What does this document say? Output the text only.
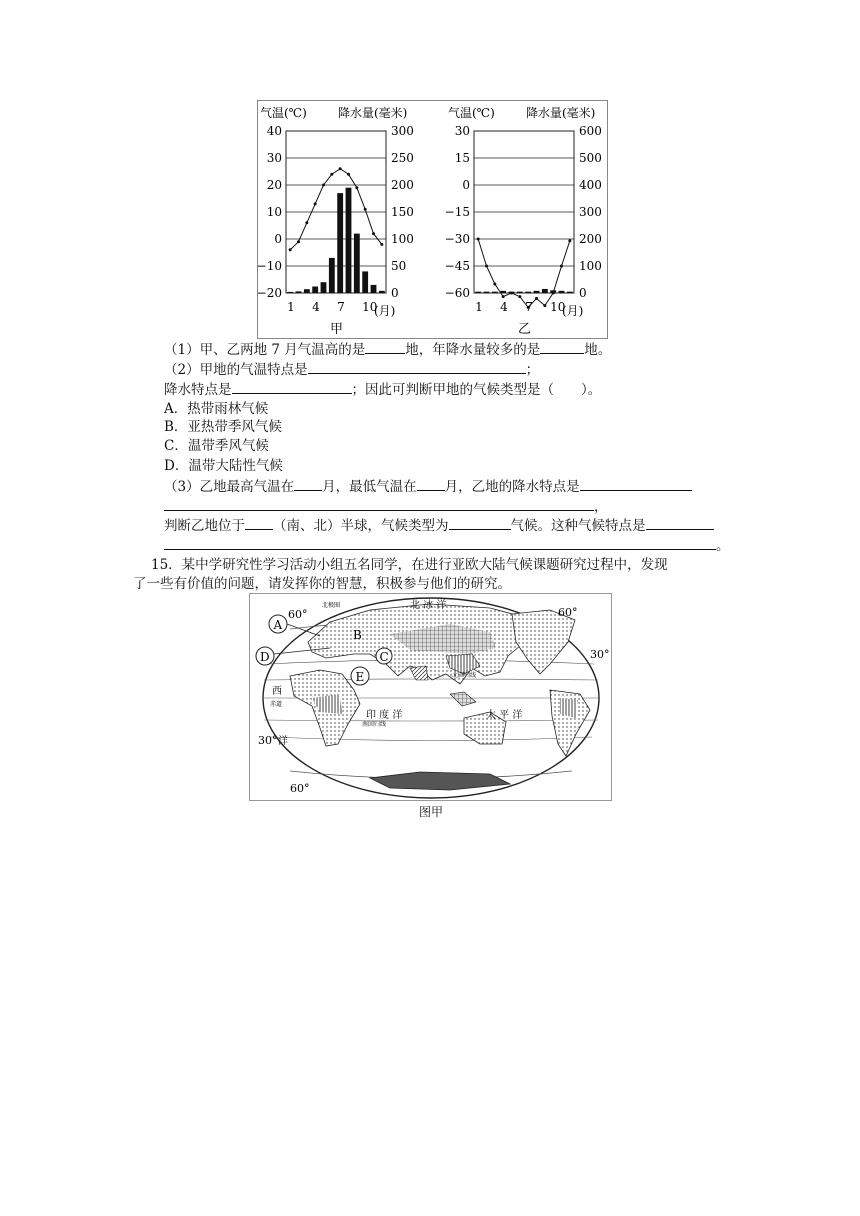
气温(℃)	降水量(毫米)
40	300
30	250
20	200
10	150
0	100
−10	50
−20	0
1 4 7 10
(月)
甲
气温(℃)	降水量(毫米)
30	600
15	500
0	400
−15	300
−30	200
−45	100
−60	0
1 4 7 10
(月)
乙
（1）甲、乙两地 7 月气温高的是	地，年降水量较多的是	地。
（2）甲地的气温特点是	；
降水特点是	；因此可判断甲地的气候类型是（　　）。
A．热带雨林气候
B．亚热带季风气候
C．温带季风气候
D．温带大陆性气候
（3）乙地最高气温在 月，最低气温在 月，乙地的降水特点是
，
判断乙地位于 （南、北）半球，气候类型为	气候。这种气候特点是
。
15．某中学研究性学习活动小组五名同学，在进行亚欧大陆气候课题研究过程中，发现
了一些有价值的问题，请发挥你的智慧，积极参与他们的研究。
A
B
C
D
E
60°	60°
30°
30°
60°
北 冰 洋
印 度 洋	太 平 洋
西
洋
北极圈
北回归线
赤道
南回归线
图甲
